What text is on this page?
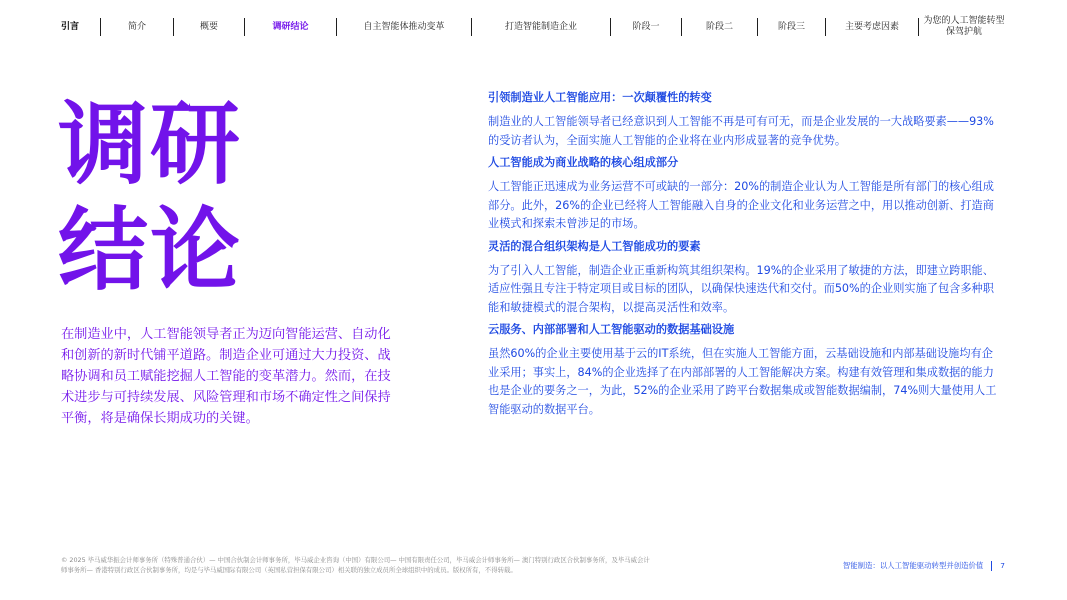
引言	简介	概要	调研结论	自主智能体推动变革	打造智能制造企业	阶段一	阶段二	阶段三	主要考虑因素
为您的人工智能转型保驾护航
调研
结论

在制造业中，人工智能领导者正为迈向智能运营、自动化和创新的新时代铺平道路。制造企业可通过大力投资、战略协调和员工赋能挖掘人工智能的变革潜力。然而，在技术进步与可持续发展、风险管理和市场不确定性之间保持平衡，将是确保长期成功的关键。

引领制造业人工智能应用：一次颠覆性的转变

制造业的人工智能领导者已经意识到人工智能不再是可有可无，而是企业发展的一大战略要素——93%的受访者认为，全面实施人工智能的企业将在业内形成显著的竞争优势。

人工智能成为商业战略的核心组成部分

人工智能正迅速成为业务运营不可或缺的一部分：20%的制造企业认为人工智能是所有部门的核心组成部分。此外，26%的企业已经将人工智能融入自身的企业文化和业务运营之中，用以推动创新、打造商业模式和探索未曾涉足的市场。

灵活的混合组织架构是人工智能成功的要素

为了引入人工智能，制造企业正重新构筑其组织架构。19%的企业采用了敏捷的方法，即建立跨职能、适应性强且专注于特定项目或目标的团队，以确保快速迭代和交付。而50%的企业则实施了包含多种职能和敏捷模式的混合架构，以提高灵活性和效率。

云服务、内部部署和人工智能驱动的数据基础设施

虽然60%的企业主要使用基于云的IT系统，但在实施人工智能方面，云基础设施和内部基础设施均有企业采用；事实上，84%的企业选择了在内部部署的人工智能解决方案。构建有效管理和集成数据的能力也是企业的要务之一，为此，52%的企业采用了跨平台数据集成或智能数据编制，74%则大量使用人工智能驱动的数据平台。

© 2025 毕马威华振会计师事务所（特殊普通合伙）— 中国合伙制会计师事务所，毕马威企业咨询（中国）有限公司— 中国有限责任公司，毕马威会计师事务所— 澳门特别行政区合伙制事务所，及毕马威会计师事务所— 香港特别行政区合伙制事务所，均是与毕马威国际有限公司（英国私营担保有限公司）相关联的独立成员所全球组织中的成员。版权所有，不得转载。	智能制造：以人工智能驱动转型并创造价值 7
